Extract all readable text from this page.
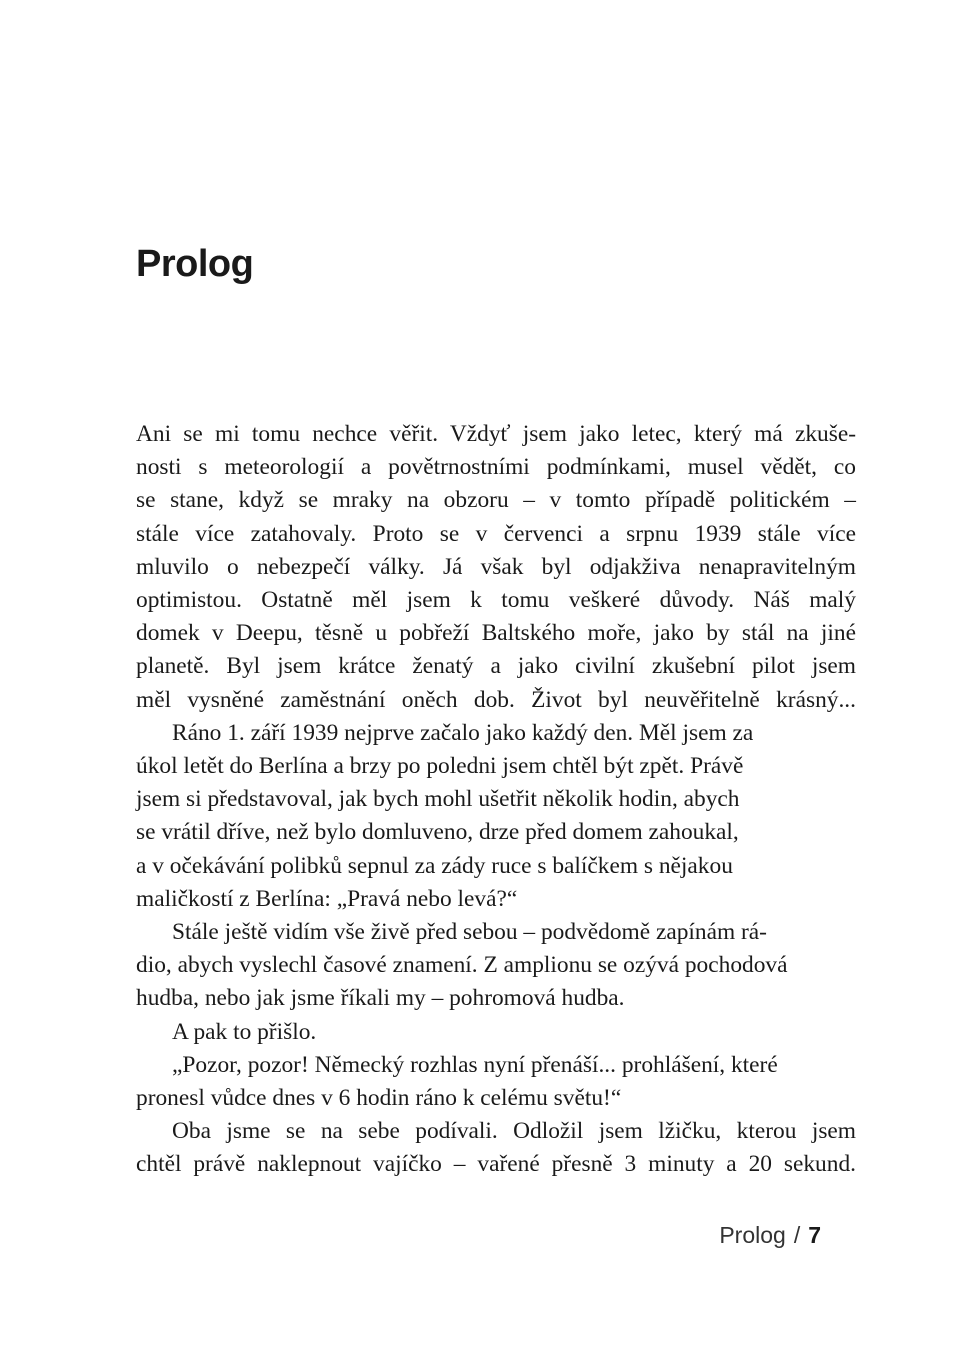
Prolog

Ani se mi tomu nechce věřit. Vždyť jsem jako letec, který má zkuše-
nosti s meteorologií a povětrnostními podmínkami, musel vědět, co
se stane, když se mraky na obzoru – v tomto případě politickém –
stále více zatahovaly. Proto se v červenci a srpnu 1939 stále více
mluvilo o nebezpečí války. Já však byl odjakživa nenapravitelným
optimistou. Ostatně měl jsem k tomu veškeré důvody. Náš malý
domek v Deepu, těsně u pobřeží Baltského moře, jako by stál na jiné
planetě. Byl jsem krátce ženatý a jako civilní zkušební pilot jsem
měl vysněné zaměstnání oněch dob. Život byl neuvěřitelně krásný...

Ráno 1. září 1939 nejprve začalo jako každý den. Měl jsem za
úkol letět do Berlína a brzy po poledni jsem chtěl být zpět. Právě
jsem si představoval, jak bych mohl ušetřit několik hodin, abych
se vrátil dříve, než bylo domluveno, drze před domem zahoukal,
a v očekávání polibků sepnul za zády ruce s balíčkem s nějakou
maličkostí z Berlína: „Pravá nebo levá?“

Stále ještě vidím vše živě před sebou – podvědomě zapínám rá-
dio, abych vyslechl časové znamení. Z amplionu se ozývá pochodová
hudba, nebo jak jsme říkali my – pohromová hudba.

A pak to přišlo.

„Pozor, pozor! Německý rozhlas nyní přenáší... prohlášení, které
pronesl vůdce dnes v 6 hodin ráno k celému světu!“

Oba jsme se na sebe podívali. Odložil jsem lžičku, kterou jsem
chtěl právě naklepnout vajíčko – vařené přesně 3 minuty a 20 sekund.

Prolog / 7
